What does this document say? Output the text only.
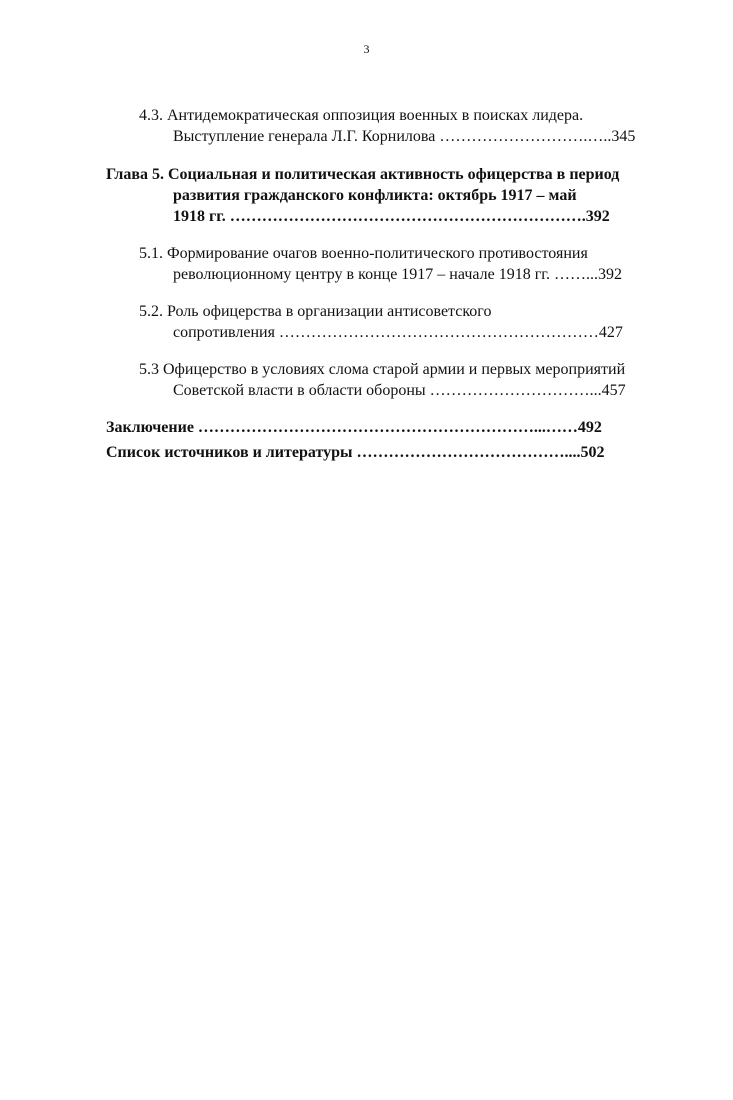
3
4.3. Антидемократическая оппозиция военных в поисках лидера.
Выступление генерала Л.Г. Корнилова ……………………….…..345
Глава 5. Социальная и политическая активность офицерства в период
развития гражданского конфликта: октябрь 1917 – май
1918 гг. ………………………………………………………….392
5.1. Формирование очагов военно-политического противостояния
революционному центру в конце 1917 – начале 1918 гг. ……...392
5.2. Роль офицерства в организации антисоветского
сопротивления ……………………………………………………427
5.3 Офицерство в условиях слома старой армии и первых мероприятий
Советской власти в области обороны …………………………...457
Заключение ………………………………………………………...……492
Список источников и литературы …………………………………....502
